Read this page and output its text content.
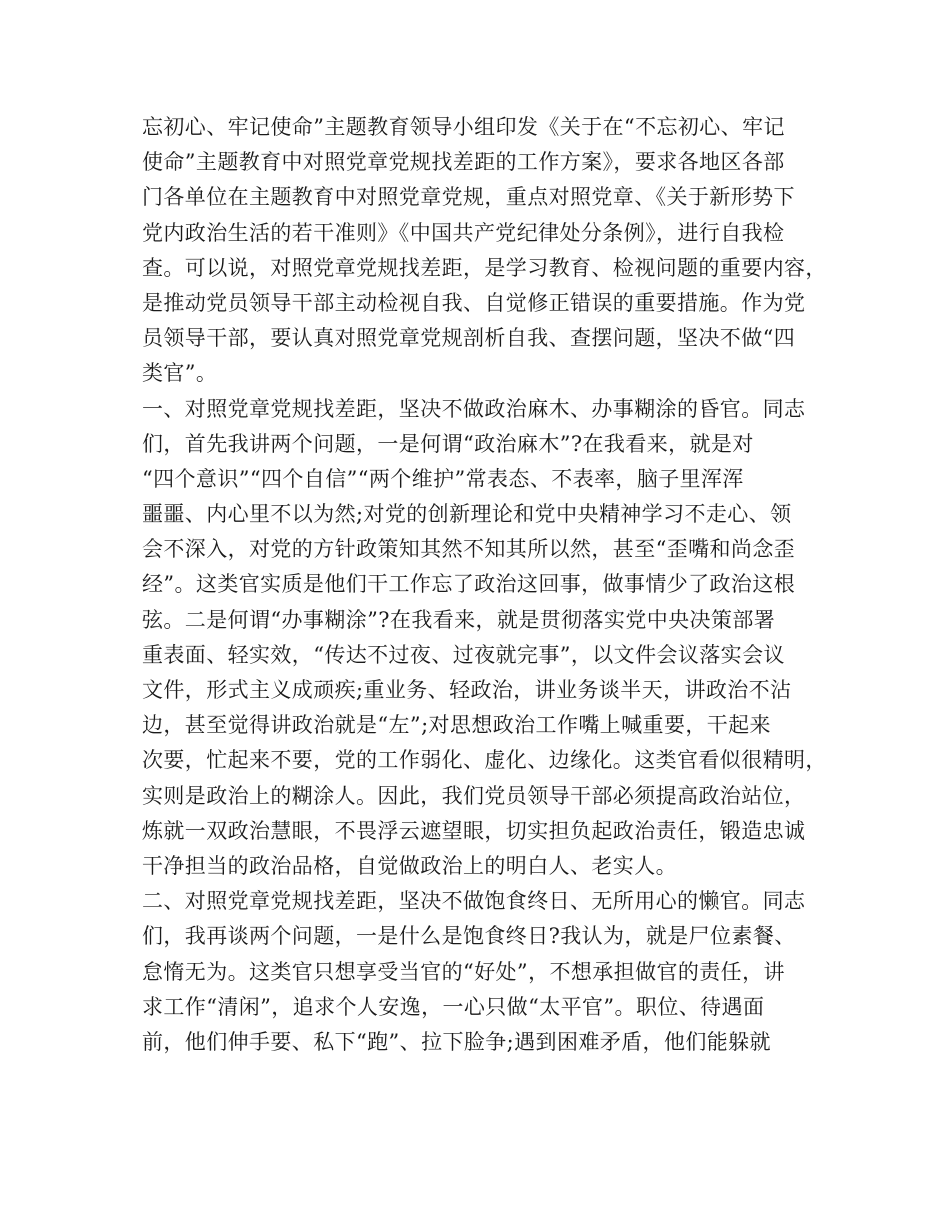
忘初心、牢记使命”主题教育领导小组印发《关于在“不忘初心、牢记
使命”主题教育中对照党章党规找差距的工作方案》，要求各地区各部
门各单位在主题教育中对照党章党规，重点对照党章、《关于新形势下
党内政治生活的若干准则》《中国共产党纪律处分条例》，进行自我检
查。可以说，对照党章党规找差距，是学习教育、检视问题的重要内容，
是推动党员领导干部主动检视自我、自觉修正错误的重要措施。作为党
员领导干部，要认真对照党章党规剖析自我、查摆问题，坚决不做“四
类官”。
一、对照党章党规找差距，坚决不做政治麻木、办事糊涂的昏官。同志
们，首先我讲两个问题，一是何谓“政治麻木”?在我看来，就是对
“四个意识”“四个自信”“两个维护”常表态、不表率，脑子里浑浑
噩噩、内心里不以为然;对党的创新理论和党中央精神学习不走心、领
会不深入，对党的方针政策知其然不知其所以然，甚至“歪嘴和尚念歪
经”。这类官实质是他们干工作忘了政治这回事，做事情少了政治这根
弦。二是何谓“办事糊涂”?在我看来，就是贯彻落实党中央决策部署
重表面、轻实效，“传达不过夜、过夜就完事”，以文件会议落实会议
文件，形式主义成顽疾;重业务、轻政治，讲业务谈半天，讲政治不沾
边，甚至觉得讲政治就是“左”;对思想政治工作嘴上喊重要，干起来
次要，忙起来不要，党的工作弱化、虚化、边缘化。这类官看似很精明，
实则是政治上的糊涂人。因此，我们党员领导干部必须提高政治站位，
炼就一双政治慧眼，不畏浮云遮望眼，切实担负起政治责任，锻造忠诚
干净担当的政治品格，自觉做政治上的明白人、老实人。
二、对照党章党规找差距，坚决不做饱食终日、无所用心的懒官。同志
们，我再谈两个问题，一是什么是饱食终日?我认为，就是尸位素餐、
怠惰无为。这类官只想享受当官的“好处”，不想承担做官的责任，讲
求工作“清闲”，追求个人安逸，一心只做“太平官”。职位、待遇面
前，他们伸手要、私下“跑”、拉下脸争;遇到困难矛盾，他们能躲就
